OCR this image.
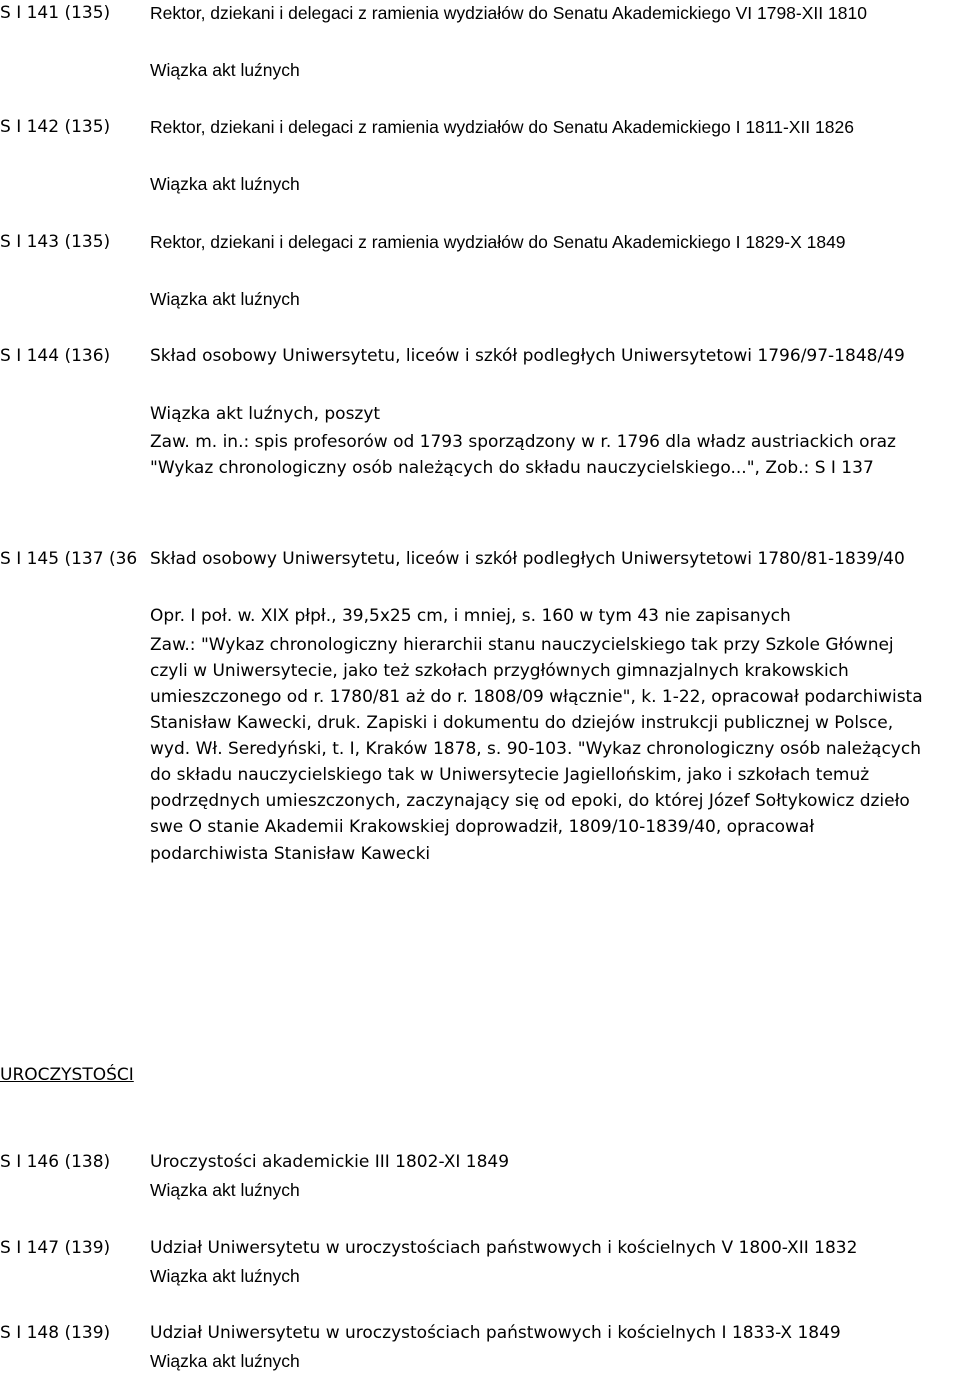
S I 141 (135) Rektor, dziekani i delegaci z ramienia wydziałów do Senatu Akademickiego VI 1798-XII 1810
Wiązka akt luźnych
S I 142 (135) Rektor, dziekani i delegaci z ramienia wydziałów do Senatu Akademickiego I 1811-XII 1826
Wiązka akt luźnych
S I 143 (135) Rektor, dziekani i delegaci z ramienia wydziałów do Senatu Akademickiego I 1829-X 1849
Wiązka akt luźnych
S I 144 (136) Skład osobowy Uniwersytetu, liceów i szkół podległych Uniwersytetowi 1796/97-1848/49
Wiązka akt luźnych, poszyt
Zaw. m. in.: spis profesorów od 1793 sporządzony w r. 1796 dla władz austriackich oraz
"Wykaz chronologiczny osób należących do składu nauczycielskiego...", Zob.: S I 137
S I 145 (137 (36 Skład osobowy Uniwersytetu, liceów i szkół podległych Uniwersytetowi 1780/81-1839/40
Opr. I poł. w. XIX płpł., 39,5x25 cm, i mniej, s. 160 w tym 43 nie zapisanych
Zaw.: "Wykaz chronologiczny hierarchii stanu nauczycielskiego tak przy Szkole Głównej
czyli w Uniwersytecie, jako też szkołach przygłównych gimnazjalnych krakowskich
umieszczonego od r. 1780/81 aż do r. 1808/09 włącznie", k. 1-22, opracował podarchiwista
Stanisław Kawecki, druk. Zapiski i dokumentu do dziejów instrukcji publicznej w Polsce,
wyd. Wł. Seredyński, t. I, Kraków 1878, s. 90-103. "Wykaz chronologiczny osób należących
do składu nauczycielskiego tak w Uniwersytecie Jagiellońskim, jako i szkołach temuż
podrzędnych umieszczonych, zaczynający się od epoki, do której Józef Sołtykowicz dzieło
swe O stanie Akademii Krakowskiej doprowadził, 1809/10-1839/40, opracował
podarchiwista Stanisław Kawecki
UROCZYSTOŚCI
S I 146 (138) Uroczystości akademickie III 1802-XI 1849
Wiązka akt luźnych
S I 147 (139) Udział Uniwersytetu w uroczystościach państwowych i kościelnych V 1800-XII 1832
Wiązka akt luźnych
S I 148 (139) Udział Uniwersytetu w uroczystościach państwowych i kościelnych I 1833-X 1849
Wiązka akt luźnych
